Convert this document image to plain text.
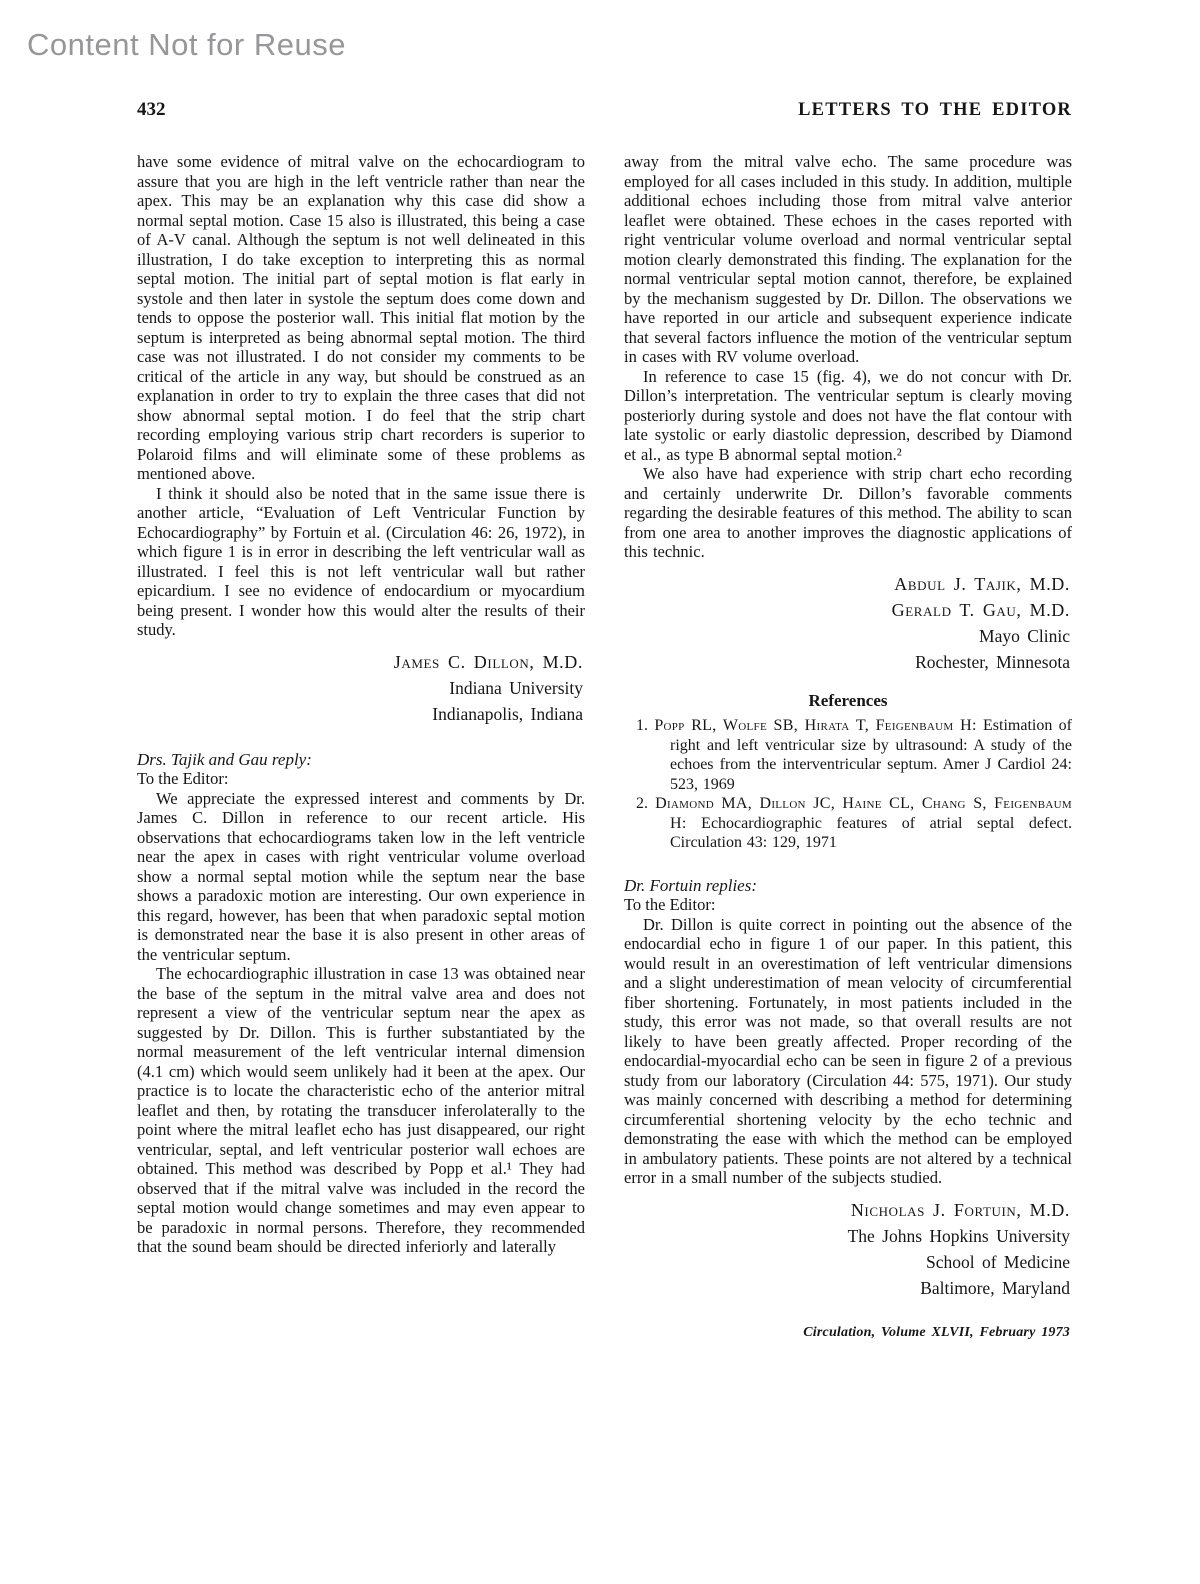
Content Not for Reuse
432	LETTERS TO THE EDITOR

have some evidence of mitral valve on the echocardiogram to assure that you are high in the left ventricle rather than near the apex. This may be an explanation why this case did show a normal septal motion. Case 15 also is illustrated, this being a case of A-V canal. Although the septum is not well delineated in this illustration, I do take exception to interpreting this as normal septal motion. The initial part of septal motion is flat early in systole and then later in systole the septum does come down and tends to oppose the posterior wall. This initial flat motion by the septum is interpreted as being abnormal septal motion. The third case was not illustrated. I do not consider my comments to be critical of the article in any way, but should be construed as an explanation in order to try to explain the three cases that did not show abnormal septal motion. I do feel that the strip chart recording employing various strip chart recorders is superior to Polaroid films and will eliminate some of these problems as mentioned above.

I think it should also be noted that in the same issue there is another article, “Evaluation of Left Ventricular Function by Echocardiography” by Fortuin et al. (Circulation 46: 26, 1972), in which figure 1 is in error in describing the left ventricular wall as illustrated. I feel this is not left ventricular wall but rather epicardium. I see no evidence of endocardium or myocardium being present. I wonder how this would alter the results of their study.

James C. Dillon, M.D.
Indiana University
Indianapolis, Indiana

Drs. Tajik and Gau reply:

To the Editor:

We appreciate the expressed interest and comments by Dr. James C. Dillon in reference to our recent article. His observations that echocardiograms taken low in the left ventricle near the apex in cases with right ventricular volume overload show a normal septal motion while the septum near the base shows a paradoxic motion are interesting. Our own experience in this regard, however, has been that when paradoxic septal motion is demonstrated near the base it is also present in other areas of the ventricular septum.

The echocardiographic illustration in case 13 was obtained near the base of the septum in the mitral valve area and does not represent a view of the ventricular septum near the apex as suggested by Dr. Dillon. This is further substantiated by the normal measurement of the left ventricular internal dimension (4.1 cm) which would seem unlikely had it been at the apex. Our practice is to locate the characteristic echo of the anterior mitral leaflet and then, by rotating the transducer inferolaterally to the point where the mitral leaflet echo has just disappeared, our right ventricular, septal, and left ventricular posterior wall echoes are obtained. This method was described by Popp et al.¹ They had observed that if the mitral valve was included in the record the septal motion would change sometimes and may even appear to be paradoxic in normal persons. Therefore, they recommended that the sound beam should be directed inferiorly and laterally

away from the mitral valve echo. The same procedure was employed for all cases included in this study. In addition, multiple additional echoes including those from mitral valve anterior leaflet were obtained. These echoes in the cases reported with right ventricular volume overload and normal ventricular septal motion clearly demonstrated this finding. The explanation for the normal ventricular septal motion cannot, therefore, be explained by the mechanism suggested by Dr. Dillon. The observations we have reported in our article and subsequent experience indicate that several factors influence the motion of the ventricular septum in cases with RV volume overload.

In reference to case 15 (fig. 4), we do not concur with Dr. Dillon’s interpretation. The ventricular septum is clearly moving posteriorly during systole and does not have the flat contour with late systolic or early diastolic depression, described by Diamond et al., as type B abnormal septal motion.²

We also have had experience with strip chart echo recording and certainly underwrite Dr. Dillon’s favorable comments regarding the desirable features of this method. The ability to scan from one area to another improves the diagnostic applications of this technic.

Abdul J. Tajik, M.D.
Gerald T. Gau, M.D.
Mayo Clinic
Rochester, Minnesota
References

1. Popp RL, Wolfe SB, Hirata T, Feigenbaum H: Estimation of right and left ventricular size by ultrasound: A study of the echoes from the interventricular septum. Amer J Cardiol 24: 523, 1969

2. Diamond MA, Dillon JC, Haine CL, Chang S, Feigenbaum H: Echocardiographic features of atrial septal defect. Circulation 43: 129, 1971

Dr. Fortuin replies:

To the Editor:

Dr. Dillon is quite correct in pointing out the absence of the endocardial echo in figure 1 of our paper. In this patient, this would result in an overestimation of left ventricular dimensions and a slight underestimation of mean velocity of circumferential fiber shortening. Fortunately, in most patients included in the study, this error was not made, so that overall results are not likely to have been greatly affected. Proper recording of the endocardial-myocardial echo can be seen in figure 2 of a previous study from our laboratory (Circulation 44: 575, 1971). Our study was mainly concerned with describing a method for determining circumferential shortening velocity by the echo technic and demonstrating the ease with which the method can be employed in ambulatory patients. These points are not altered by a technical error in a small number of the subjects studied.

Nicholas J. Fortuin, M.D.
The Johns Hopkins University
School of Medicine
Baltimore, Maryland
Circulation, Volume XLVII, February 1973
